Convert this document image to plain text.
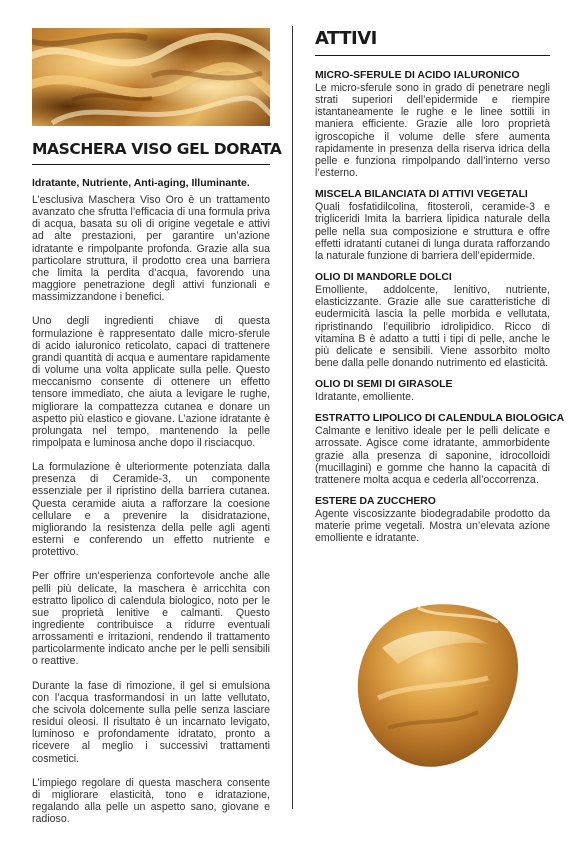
MASCHERA VISO GEL DORATA
Idratante, Nutriente, Anti-aging, Illuminante.

L’esclusiva Maschera Viso Oro è un trattamento avanzato che sfrutta l’efficacia di una formula priva di acqua, basata su oli di origine vegetale e attivi ad alte prestazioni, per garantire un’azione idratante e rimpolpante profonda. Grazie alla sua particolare struttura, il prodotto crea una barriera che limita la perdita d’acqua, favorendo una maggiore penetrazione degli attivi funzionali e massimizzandone i benefici.

Uno degli ingredienti chiave di questa formulazione è rappresentato dalle micro-sferule di acido ialuronico reticolato, capaci di trattenere grandi quantità di acqua e aumentare rapidamente di volume una volta applicate sulla pelle. Questo meccanismo consente di ottenere un effetto tensore immediato, che aiuta a levigare le rughe, migliorare la compattezza cutanea e donare un aspetto più elastico e giovane. L’azione idratante è prolungata nel tempo, mantenendo la pelle rimpolpata e luminosa anche dopo il risciacquo.

La formulazione è ulteriormente potenziata dalla presenza di Ceramide-3, un componente essenziale per il ripristino della barriera cutanea. Questa ceramide aiuta a rafforzare la coesione cellulare e a prevenire la disidratazione, migliorando la resistenza della pelle agli agenti esterni e conferendo un effetto nutriente e protettivo.

Per offrire un’esperienza confortevole anche alle pelli più delicate, la maschera è arricchita con estratto lipolico di calendula biologico, noto per le sue proprietà lenitive e calmanti. Questo ingrediente contribuisce a ridurre eventuali arrossamenti e irritazioni, rendendo il trattamento particolarmente indicato anche per le pelli sensibili o reattive.

Durante la fase di rimozione, il gel si emulsiona con l’acqua trasformandosi in un latte vellutato, che scivola dolcemente sulla pelle senza lasciare residui oleosi. Il risultato è un incarnato levigato, luminoso e profondamente idratato, pronto a ricevere al meglio i successivi trattamenti cosmetici.

L’impiego regolare di questa maschera consente di migliorare elasticità, tono e idratazione, regalando alla pelle un aspetto sano, giovane e radioso.

ATTIVI
MICRO-SFERULE DI ACIDO IALURONICO

Le micro-sferule sono in grado di penetrare negli strati superiori dell’epidermide e riempire istantaneamente le rughe e le linee sottili in maniera efficiente. Grazie alle loro proprietà igroscopiche il volume delle sfere aumenta rapidamente in presenza della riserva idrica della pelle e funziona rimpolpando dall’interno verso l’esterno.

MISCELA BILANCIATA DI ATTIVI VEGETALI

Quali fosfatidilcolina, fitosteroli, ceramide-3 e trigliceridi lmita la barriera lipidica naturale della pelle nella sua composizione e struttura e offre effetti idratanti cutanei di lunga durata rafforzando la naturale funzione di barriera dell’epidermide.

OLIO DI MANDORLE DOLCI

Emolliente, addolcente, lenitivo, nutriente, elasticizzante. Grazie alle sue caratteristiche di eudermicità lascia la pelle morbida e vellutata, ripristinando l’equilibrio idrolipidico. Ricco di vitamina B è adatto a tutti i tipi di pelle, anche le più delicate e sensibili. Viene assorbito molto bene dalla pelle donando nutrimento ed elasticità.

OLIO DI SEMI DI GIRASOLE

Idratante, emolliente.

ESTRATTO LIPOLICO DI CALENDULA BIOLOGICA

Calmante e lenitivo ideale per le pelli delicate e arrossate. Agisce come idratante, ammorbidente grazie alla presenza di saponine, idrocolloidi (mucillagini) e gomme che hanno la capacità di trattenere molta acqua e cederla all’occorrenza.

ESTERE DA ZUCCHERO

Agente viscosizzante biodegradabile prodotto da materie prime vegetali. Mostra un’elevata azione emolliente e idratante.
